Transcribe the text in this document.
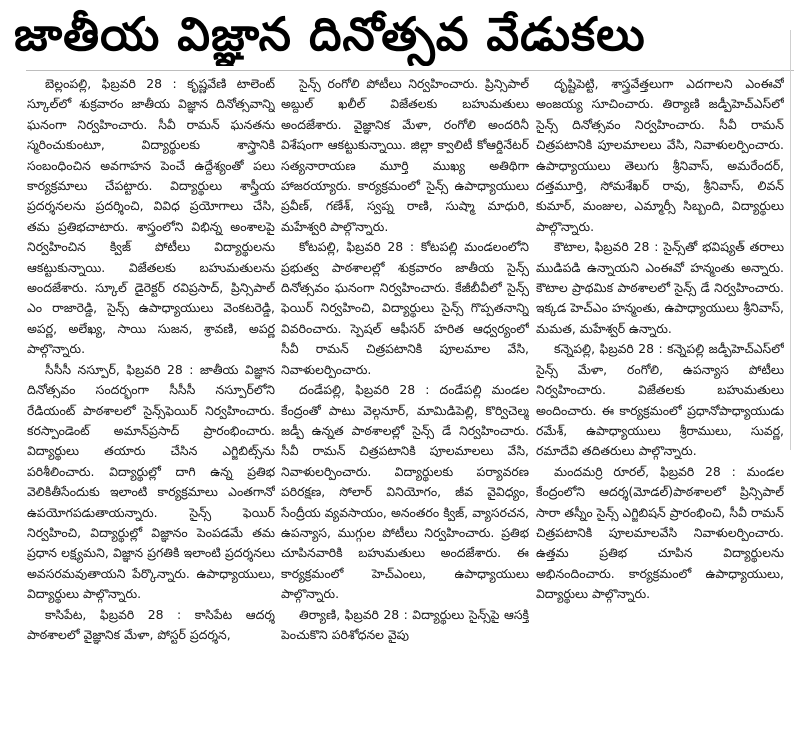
జాతీయ విజ్ఞాన దినోత్సవ వేడుకలు

బెల్లంపల్లి, ఫిబ్రవరి 28 : కృష్ణవేణి టాలెంట్ స్కూల్‌లో శుక్రవారం జాతీయ విజ్ఞాన దినోత్సవాన్ని ఘనంగా నిర్వహించారు. సీవీ రామన్ ఘనతను స్మరించుకుంటూ, విద్యార్థులకు శాస్త్రానికి సంబంధించిన అవగాహన పెంచే ఉద్దేశ్యంతో పలు కార్యక్రమాలు చేపట్టారు. విద్యార్థులు శాస్త్రీయ ప్రదర్శనలను ప్రదర్శించి, వివిధ ప్రయోగాలు చేసి, తమ ప్రతిభచాటారు. శాస్త్రంలోని విభిన్న అంశాలపై నిర్వహించిన క్విజ్ పోటీలు విద్యార్థులను ఆకట్టుకున్నాయి. విజేతలకు బహుమతులను అందజేశారు. స్కూల్ డైరెక్టర్ రవిప్రసాద్, ప్రిన్సిపాల్ ఎం రాజారెడ్డి, సైన్స్ ఉపాధ్యాయులు వెంకటరెడ్డి, అపర్ణ, అలేఖ్య, సాయి సుజన, శ్రావణి, అపర్ణ పాల్గొన్నారు.

సీసీసీ నస్పూర్, ఫిబ్రవరి 28 : జాతీయ విజ్ఞాన దినోత్సవం సందర్భంగా సీసీసీ నస్పూర్‌లోని రేడియంట్ పాఠశాలలో సైన్స్‌ఫెయిర్ నిర్వహించారు. కరస్పాండెంట్ అమాన్‌ప్రసాద్ ప్రారంభించారు. విద్యార్థులు తయారు చేసిన ఎగ్జిబిట్స్‌ను పరిశీలించారు. విద్యార్థుల్లో దాగి ఉన్న ప్రతిభ వెలికితీసేందుకు ఇలాంటి కార్యక్రమాలు ఎంతగానో ఉపయోగపడుతాయన్నారు. సైన్స్ ఫెయిర్ నిర్వహించి, విద్యార్థుల్లో విజ్ఞానం పెంపడమే తమ ప్రధాన లక్ష్యమని, విజ్ఞాన ప్రగతికి ఇలాంటి ప్రదర్శనలు అవసరమవుతాయని పేర్కొన్నారు. ఉపాధ్యాయులు, విద్యార్థులు పాల్గొన్నారు.

కాసిపేట, ఫిబ్రవరి 28 : కాసిపేట ఆదర్శ పాఠశాలలో వైజ్ఞానిక మేళా, పోస్టర్ ప్రదర్శన,

సైన్స్ రంగోలి పోటీలు నిర్వహించారు. ప్రిన్సిపాల్ అబ్దుల్ ఖలీల్ విజేతలకు బహుమతులు అందజేశారు. వైజ్ఞానిక మేళా, రంగోలి అందరినీ విశేషంగా ఆకట్టుకున్నాయి. జిల్లా క్వాలిటీ కోఆర్డినేటర్ సత్యనారాయణ మూర్తి ముఖ్య అతిథిగా హాజరయ్యారు. కార్యక్రమంలో సైన్స్ ఉపాధ్యాయులు ప్రవీణ్, గణేశ్, స్వప్న రాణి, సుష్మా మాధురి, మహేశ్వరి పాల్గొన్నారు.

కోటపల్లి, ఫిబ్రవరి 28 : కోటపల్లి మండలంలోని ప్రభుత్వ పాఠశాలల్లో శుక్రవారం జాతీయ సైన్స్ దినోత్సవం ఘనంగా నిర్వహించారు. కేజీబీవీలో సైన్స్ ఫెయిర్ నిర్వహించి, విద్యార్థులు సైన్స్ గొప్పతనాన్ని వివరించారు. స్పెషల్ ఆఫీసర్ హరిత ఆధ్వర్యంలో సీవీ రామన్ చిత్రపటానికి పూలమాల వేసి, నివాళులర్పించారు.

దండేపల్లి, ఫిబ్రవరి 28 : దండేపల్లి మండల కేంద్రంతో పాటు వెల్గనూర్, మామిడిపెల్లి, కొర్విచెల్మ జడ్పీ ఉన్నత పాఠశాలల్లో సైన్స్ డే నిర్వహించారు. సీవీ రామన్ చిత్రపటానికి పూలమాలలు వేసి, నివాళులర్పించారు. విద్యార్థులకు పర్యావరణ పరిరక్షణ, సోలార్ వినియోగం, జీవ వైవిధ్యం, సేంద్రీయ వ్యవసాయం, అనంతరం క్విజ్, వ్యాసరచన, ఉపన్యాస, ముగ్గుల పోటీలు నిర్వహించారు. ప్రతిభ చూపినవారికి బహుమతులు అందజేశారు. ఈ కార్యక్రమంలో హెచ్‌ఎంలు, ఉపాధ్యాయులు పాల్గొన్నారు.

తిర్యాణి, ఫిబ్రవరి 28 : విద్యార్థులు సైన్స్‌పై ఆసక్తి పెంచుకొని పరిశోధనల వైపు

దృష్టిపెట్టి, శాస్త్రవేత్తలుగా ఎదగాలని ఎంఈవో అంజయ్య సూచించారు. తిర్యాణి జడ్పీహెచ్‌ఎస్‌లో సైన్స్ దినోత్సవం నిర్వహించారు. సీవీ రామన్ చిత్రపటానికి పూలమాలలు వేసి, నివాళులర్పించారు. ఉపాధ్యాయులు తెలుగు శ్రీనివాస్, అమరేందర్, దత్తమూర్తి, సోమశేఖర్ రావు, శ్రీనివాస్, లివన్ కుమార్, మంజుల, ఎమ్మార్సీ సిబ్బంది, విద్యార్థులు పాల్గొన్నారు.

కౌటాల, ఫిబ్రవరి 28 : సైన్స్‌తో భవిష్యత్ తరాలు ముడిపడి ఉన్నాయని ఎంఈవో హన్మంతు అన్నారు. కౌటాల ప్రాథమిక పాఠశాలలో సైన్స్ డే నిర్వహించారు. ఇక్కడ హెచ్‌ఎం హన్మంతు, ఉపాధ్యాయులు శ్రీనివాస్, మమత, మహేశ్వర్ ఉన్నారు.

కన్నెపల్లి, ఫిబ్రవరి 28 : కన్నెపల్లి జడ్పీహెచ్‌ఎస్‌లో సైన్స్ మేళా, రంగోలి, ఉపన్యాస పోటీలు నిర్వహించారు. విజేతలకు బహుమతులు అందించారు. ఈ కార్యక్రమంలో ప్రధానోపాధ్యాయుడు రమేశ్, ఉపాధ్యాయులు శ్రీరాములు, సువర్ణ, రమాదేవి తదితరులు పాల్గొన్నారు.

మందమర్రి రూరల్, ఫిబ్రవరి 28 : మండల కేంద్రంలోని ఆదర్శ(మోడల్)పాఠశాలలో ప్రిన్సిపాల్ సారా తస్నీం సైన్స్ ఎగ్జిబిషన్ ప్రారంభించి, సీవీ రామన్ చిత్రపటానికి పూలమాలవేసి నివాళులర్పించారు. ఉత్తమ ప్రతిభ చూపిన విద్యార్థులను అభినందించారు. కార్యక్రమంలో ఉపాధ్యాయులు, విద్యార్థులు పాల్గొన్నారు.
